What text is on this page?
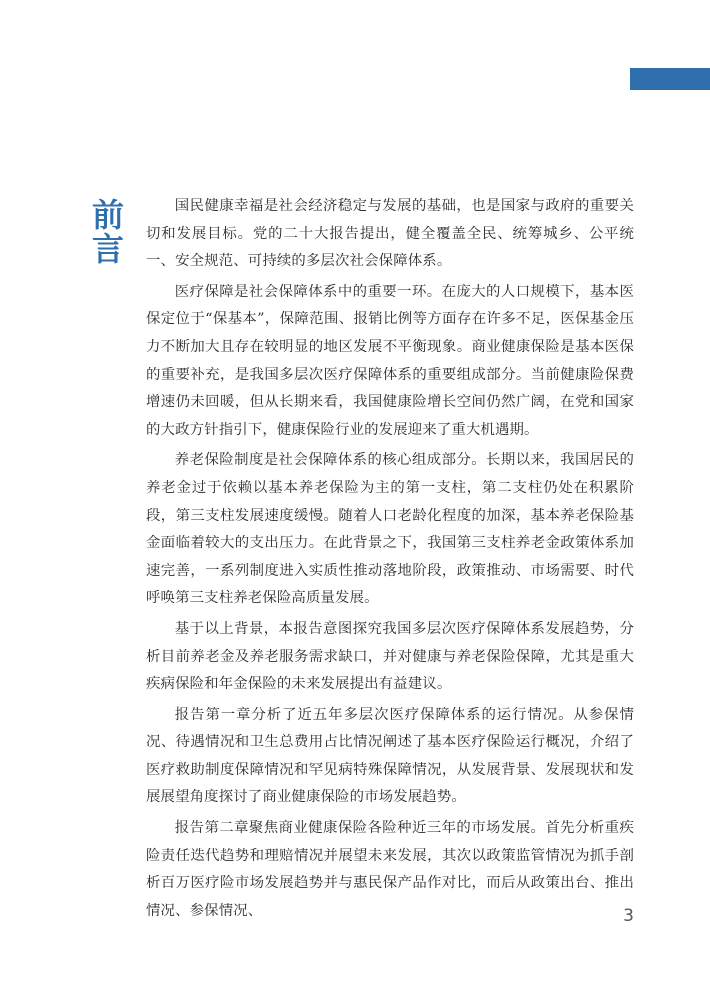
前言	国民健康幸福是社会经济稳定与发展的基础，也是国家与政府的重要关切和发展目标。党的二十大报告提出，健全覆盖全民、统筹城乡、公平统一、安全规范、可持续的多层次社会保障体系。

医疗保障是社会保障体系中的重要一环。在庞大的人口规模下，基本医保定位于“保基本”，保障范围、报销比例等方面存在许多不足，医保基金压力不断加大且存在较明显的地区发展不平衡现象。商业健康保险是基本医保的重要补充，是我国多层次医疗保障体系的重要组成部分。当前健康险保费增速仍未回暖，但从长期来看，我国健康险增长空间仍然广阔，在党和国家的大政方针指引下，健康保险行业的发展迎来了重大机遇期。

养老保险制度是社会保障体系的核心组成部分。长期以来，我国居民的养老金过于依赖以基本养老保险为主的第一支柱，第二支柱仍处在积累阶段，第三支柱发展速度缓慢。随着人口老龄化程度的加深，基本养老保险基金面临着较大的支出压力。在此背景之下，我国第三支柱养老金政策体系加速完善，一系列制度进入实质性推动落地阶段，政策推动、市场需要、时代呼唤第三支柱养老保险高质量发展。

基于以上背景，本报告意图探究我国多层次医疗保障体系发展趋势，分析目前养老金及养老服务需求缺口，并对健康与养老保险保障，尤其是重大疾病保险和年金保险的未来发展提出有益建议。

报告第一章分析了近五年多层次医疗保障体系的运行情况。从参保情况、待遇情况和卫生总费用占比情况阐述了基本医疗保险运行概况，介绍了医疗救助制度保障情况和罕见病特殊保障情况，从发展背景、发展现状和发展展望角度探讨了商业健康保险的市场发展趋势。

报告第二章聚焦商业健康保险各险种近三年的市场发展。首先分析重疾险责任迭代趋势和理赔情况并展望未来发展，其次以政策监管情况为抓手剖析百万医疗险市场发展趋势并与惠民保产品作对比，而后从政策出台、推出情况、参保情况、	3
